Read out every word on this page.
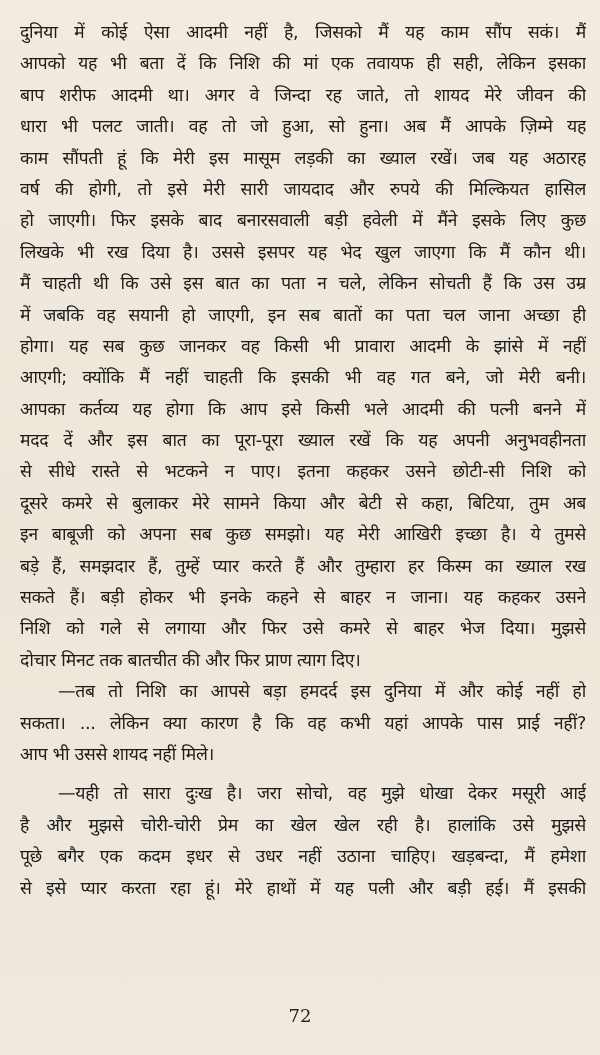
दुनिया में कोई ऐसा आदमी नहीं है, जिसको मैं यह काम सौंप सकं। मैं
आपको यह भी बता दें कि निशि की मां एक तवायफ ही सही, लेकिन इसका
बाप शरीफ आदमी था। अगर वे जिन्दा रह जाते, तो शायद मेरे जीवन की
धारा भी पलट जाती। वह तो जो हुआ, सो हुना। अब मैं आपके ज़िम्मे यह
काम सौंपती हूं कि मेरी इस मासूम लड़की का ख्याल रखें। जब यह अठारह
वर्ष की होगी, तो इसे मेरी सारी जायदाद और रुपये की मिल्कियत हासिल
हो जाएगी। फिर इसके बाद बनारसवाली बड़ी हवेली में मैंने इसके लिए कुछ
लिखके भी रख दिया है। उससे इसपर यह भेद खुल जाएगा कि मैं कौन थी।
मैं चाहती थी कि उसे इस बात का पता न चले, लेकिन सोचती हैं कि उस उम्र
में जबकि वह सयानी हो जाएगी, इन सब बातों का पता चल जाना अच्छा ही
होगा। यह सब कुछ जानकर वह किसी भी प्रावारा आदमी के झांसे में नहीं
आएगी; क्योंकि मैं नहीं चाहती कि इसकी भी वह गत बने, जो मेरी बनी।
आपका कर्तव्य यह होगा कि आप इसे किसी भले आदमी की पत्नी बनने में
मदद दें और इस बात का पूरा-पूरा ख्याल रखें कि यह अपनी अनुभवहीनता
से सीधे रास्ते से भटकने न पाए। इतना कहकर उसने छोटी-सी निशि को
दूसरे कमरे से बुलाकर मेरे सामने किया और बेटी से कहा, बिटिया, तुम अब
इन बाबूजी को अपना सब कुछ समझो। यह मेरी आखिरी इच्छा है। ये तुमसे
बड़े हैं, समझदार हैं, तुम्हें प्यार करते हैं और तुम्हारा हर किस्म का ख्याल रख
सकते हैं। बड़ी होकर भी इनके कहने से बाहर न जाना। यह कहकर उसने
निशि को गले से लगाया और फिर उसे कमरे से बाहर भेज दिया। मुझसे
दोचार मिनट तक बातचीत की और फिर प्राण त्याग दिए।
—तब तो निशि का आपसे बड़ा हमदर्द इस दुनिया में और कोई नहीं हो
सकता। ... लेकिन क्या कारण है कि वह कभी यहां आपके पास प्राई नहीं?
आप भी उससे शायद नहीं मिले।
—यही तो सारा दुःख है। जरा सोचो, वह मुझे धोखा देकर मसूरी आई
है और मुझसे चोरी-चोरी प्रेम का खेल खेल रही है। हालांकि उसे मुझसे
पूछे बगैर एक कदम इधर से उधर नहीं उठाना चाहिए। खड़बन्दा, मैं हमेशा
से इसे प्यार करता रहा हूं। मेरे हाथों में यह पली और बड़ी हई। मैं इसकी
72
